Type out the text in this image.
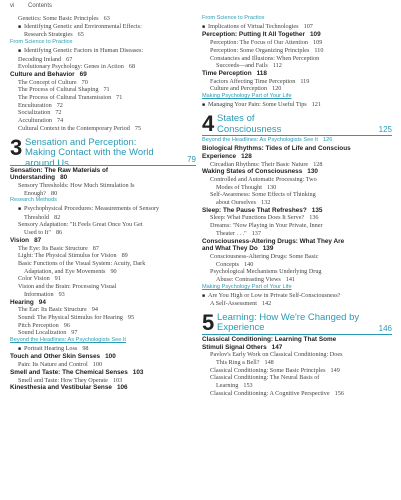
vi Contents
Genetics: Some Basic Principles 63
■ Identifying Genetic and Environmental Effects:
Research Strategies 65
From Science to Practice
■ Identifying Genetic Factors in Human Diseases:
Decoding Ireland 67
Evolutionary Psychology: Genes in Action 68
Culture and Behavior 69
The Concept of Culture 70
The Process of Cultural Shaping 71
The Process of Cultural Transmission 71
Enculturation 72
Socialization 72
Acculturation 74
Cultural Context in the Contemporary Period 75
3 Sensation and Perception:
Making Contact with the World
around Us	79
Sensation: The Raw Materials of
Understanding 80
Sensory Thresholds: How Much Stimulation Is
Enough? 80
Research Methods
■ Psychophysical Procedures: Measurements of Sensory
Threshold 82
Sensory Adaptation: "It Feels Great Once You Get
Used to It" 86
Vision 87
The Eye: Its Basic Structure 87
Light: The Physical Stimulus for Vision 89
Basic Functions of the Visual System: Acuity, Dark
Adaptation, and Eye Movements 90
Color Vision 91
Vision and the Brain: Processing Visual
Information 93
Hearing 94
The Ear: Its Basic Structure 94
Sound: The Physical Stimulus for Hearing 95
Pitch Perception 96
Sound Localization 97
Beyond the Headlines: As Psychologists See It
■ Portrait Hearing Loss 98
Touch and Other Skin Senses 100
Pain: Its Nature and Control 100
Smell and Taste: The Chemical Senses 103
Smell and Taste: How They Operate 103
Kinesthesia and Vestibular Sense 106
From Science to Practice
■ Implications of Virtual Technologies 107
Perception: Putting It All Together 109
Perception: The Focus of Our Attention 109
Perception: Some Organizing Principles 110
Constancies and Illusions: When Perception
Succeeds—and Fails 112
Time Perception 118
Factors Affecting Time Perception 119
Culture and Perception 120
Making Psychology Part of Your Life
■ Managing Your Pain: Some Useful Tips 121
4 States of
Consciousness	125
Beyond the Headlines: As Psychologists See It 126
Biological Rhythms: Tides of Life and Conscious
Experience 128
Circadian Rhythms: Their Basic Nature 128
Waking States of Consciousness 130
Controlled and Automatic Processing: Two
Modes of Thought 130
Self-Awareness: Some Effects of Thinking
about Ourselves 132
Sleep: The Pause That Refreshes? 135
Sleep: What Functions Does It Serve? 136
Dreams: "Now Playing in Your Private, Inner
Theater . . ." 137
Consciousness-Altering Drugs: What They Are
and What They Do 139
Consciousness-Altering Drugs: Some Basic
Concepts 140
Psychological Mechanisms Underlying Drug
Abuse: Contrasting Views 141
Making Psychology Part of Your Life
■ Are You High or Low in Private Self-Consciousness?
A Self-Assessment 142
5 Learning: How We're Changed by
Experience	146
Classical Conditioning: Learning That Some
Stimuli Signal Others 147
Pavlov's Early Work on Classical Conditioning: Does
This Ring a Bell? 148
Classical Conditioning: Some Basic Principles 149
Classical Conditioning: The Neural Basis of
Learning 153
Classical Conditioning: A Cognitive Perspective 156
